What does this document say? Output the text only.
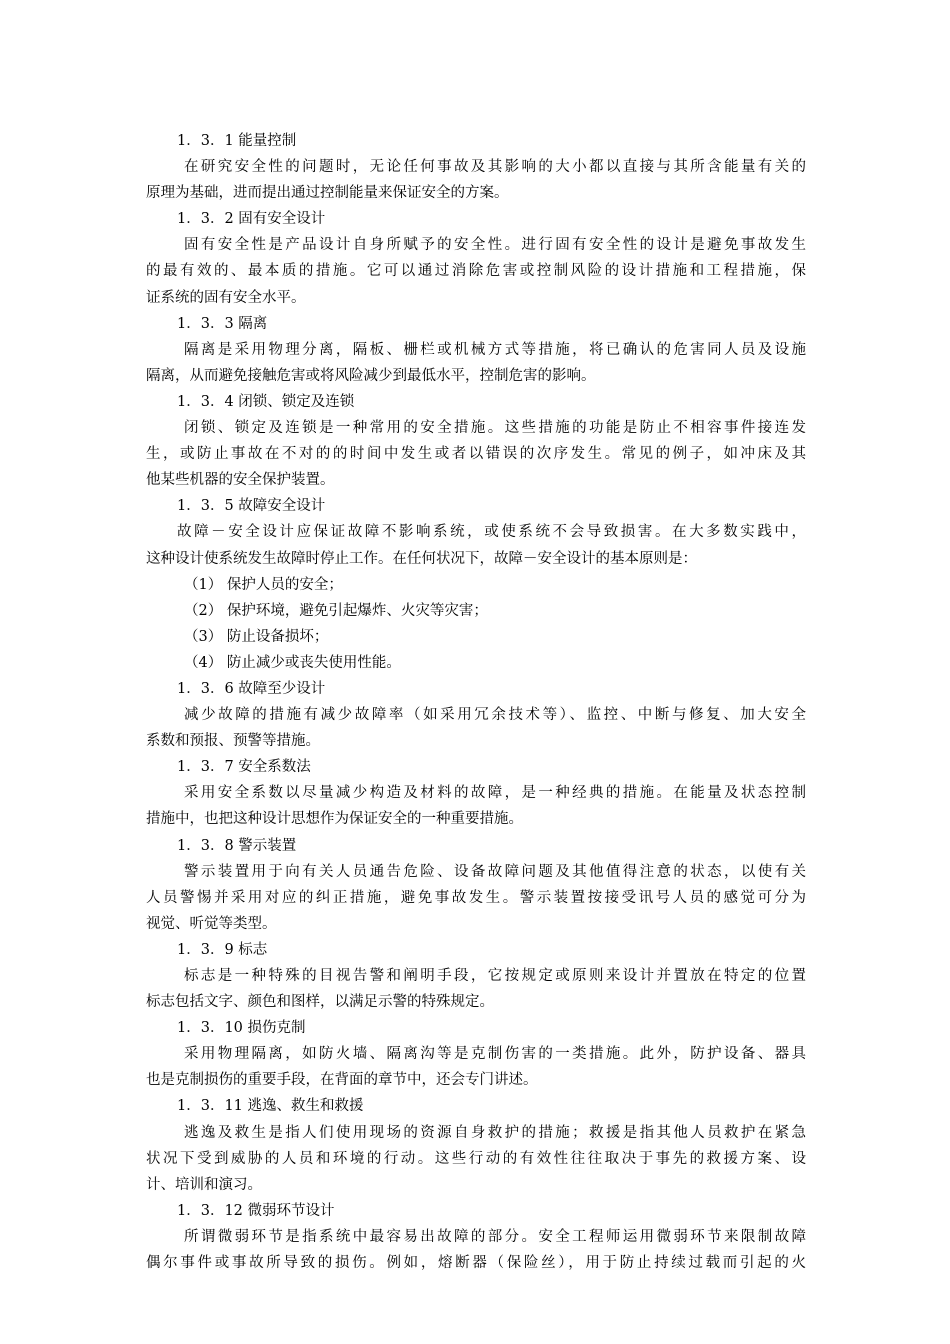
1．3．1 能量控制
在研究安全性的问题时，无论任何事故及其影响的大小都以直接与其所含能量有关的
原理为基础，进而提出通过控制能量来保证安全的方案。
1．3．2 固有安全设计
固有安全性是产品设计自身所赋予的安全性。进行固有安全性的设计是避免事故发生
的最有效的、最本质的措施。它可以通过消除危害或控制风险的设计措施和工程措施，保
证系统的固有安全水平。
1．3．3 隔离
隔离是采用物理分离，隔板、栅栏或机械方式等措施，将已确认的危害同人员及设施
隔离，从而避免接触危害或将风险减少到最低水平，控制危害的影响。
1．3．4 闭锁、锁定及连锁
闭锁、锁定及连锁是一种常用的安全措施。这些措施的功能是防止不相容事件接连发
生，或防止事故在不对的的时间中发生或者以错误的次序发生。常见的例子，如冲床及其
他某些机器的安全保护装置。
1．3．5 故障安全设计
故障－安全设计应保证故障不影响系统，或使系统不会导致损害。在大多数实践中，
这种设计使系统发生故障时停止工作。在任何状况下，故障－安全设计的基本原则是：
（1） 保护人员的安全；
（2） 保护环境，避免引起爆炸、火灾等灾害；
（3） 防止设备损坏；
（4） 防止减少或丧失使用性能。
1．3．6 故障至少设计
减少故障的措施有减少故障率（如采用冗余技术等）、监控、中断与修复、加大安全
系数和预报、预警等措施。
1．3．7 安全系数法
采用安全系数以尽量减少构造及材料的故障，是一种经典的措施。在能量及状态控制
措施中，也把这种设计思想作为保证安全的一种重要措施。
1．3．8 警示装置
警示装置用于向有关人员通告危险、设备故障问题及其他值得注意的状态，以使有关
人员警惕并采用对应的纠正措施，避免事故发生。警示装置按接受讯号人员的感觉可分为
视觉、听觉等类型。
1．3．9 标志
标志是一种特殊的目视告警和阐明手段，它按规定或原则来设计并置放在特定的位置
标志包括文字、颜色和图样，以满足示警的特殊规定。
1．3．10 损伤克制
采用物理隔离，如防火墙、隔离沟等是克制伤害的一类措施。此外，防护设备、器具
也是克制损伤的重要手段，在背面的章节中，还会专门讲述。
1．3．11 逃逸、救生和救援
逃逸及救生是指人们使用现场的资源自身救护的措施；救援是指其他人员救护在紧急
状况下受到威胁的人员和环境的行动。这些行动的有效性往往取决于事先的救援方案、设
计、培训和演习。
1．3．12 微弱环节设计
所谓微弱环节是指系统中最容易出故障的部分。安全工程师运用微弱环节来限制故障
偶尔事件或事故所导致的损伤。例如，熔断器（保险丝），用于防止持续过载而引起的火
